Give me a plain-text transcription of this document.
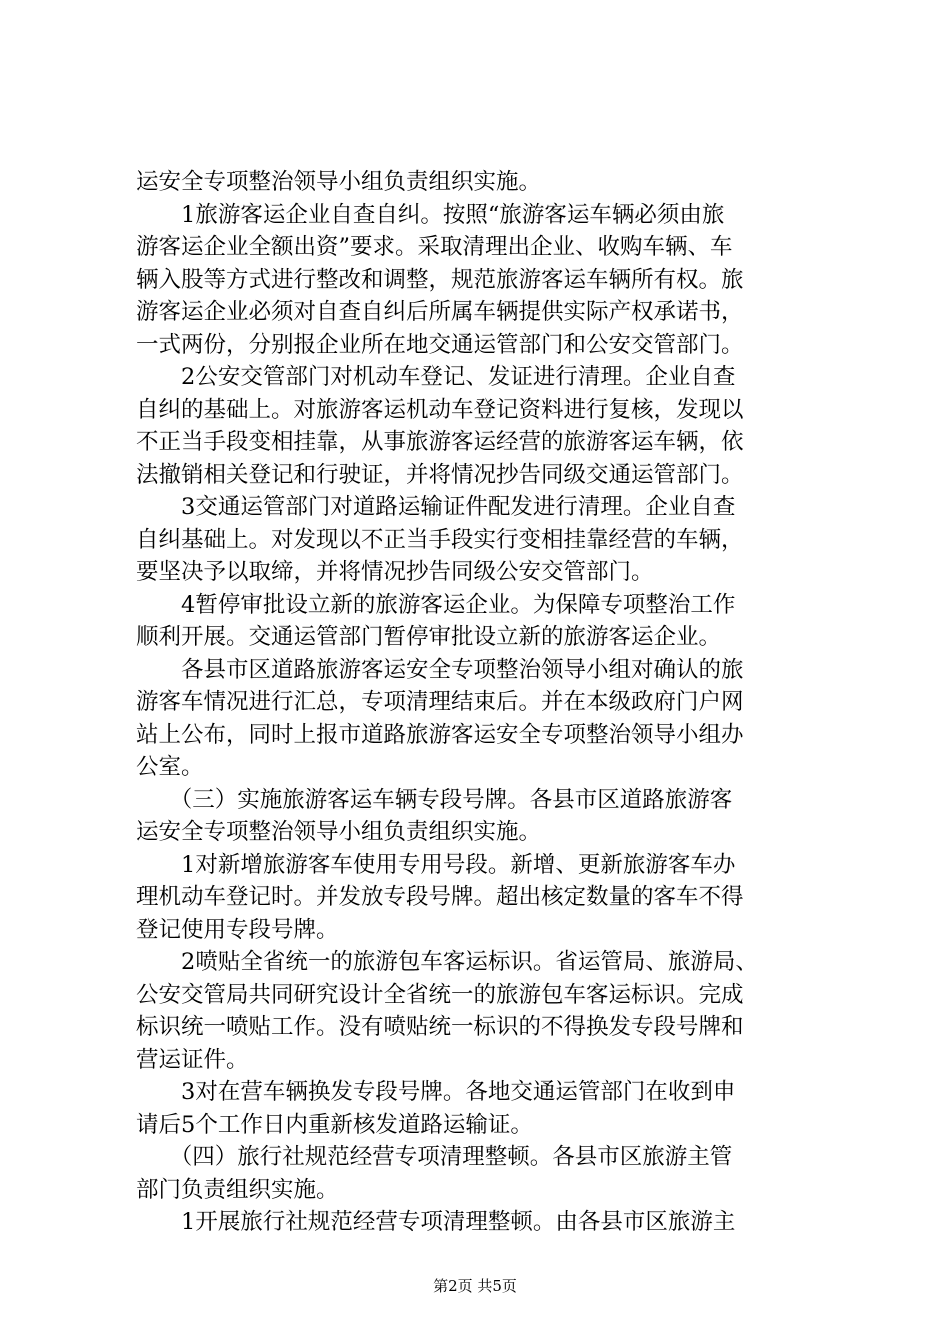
运安全专项整治领导小组负责组织实施。
　　1旅游客运企业自查自纠。按照“旅游客运车辆必须由旅
游客运企业全额出资”要求。采取清理出企业、收购车辆、车
辆入股等方式进行整改和调整，规范旅游客运车辆所有权。旅
游客运企业必须对自查自纠后所属车辆提供实际产权承诺书，
一式两份，分别报企业所在地交通运管部门和公安交管部门。
　　2公安交管部门对机动车登记、发证进行清理。企业自查
自纠的基础上。对旅游客运机动车登记资料进行复核，发现以
不正当手段变相挂靠，从事旅游客运经营的旅游客运车辆，依
法撤销相关登记和行驶证，并将情况抄告同级交通运管部门。
　　3交通运管部门对道路运输证件配发进行清理。企业自查
自纠基础上。对发现以不正当手段实行变相挂靠经营的车辆，
要坚决予以取缔，并将情况抄告同级公安交管部门。
　　4暂停审批设立新的旅游客运企业。为保障专项整治工作
顺利开展。交通运管部门暂停审批设立新的旅游客运企业。
　　各县市区道路旅游客运安全专项整治领导小组对确认的旅
游客车情况进行汇总，专项清理结束后。并在本级政府门户网
站上公布，同时上报市道路旅游客运安全专项整治领导小组办
公室。
　　（三）实施旅游客运车辆专段号牌。各县市区道路旅游客
运安全专项整治领导小组负责组织实施。
　　1对新增旅游客车使用专用号段。新增、更新旅游客车办
理机动车登记时。并发放专段号牌。超出核定数量的客车不得
登记使用专段号牌。
　　2喷贴全省统一的旅游包车客运标识。省运管局、旅游局、
公安交管局共同研究设计全省统一的旅游包车客运标识。完成
标识统一喷贴工作。没有喷贴统一标识的不得换发专段号牌和
营运证件。
　　3对在营车辆换发专段号牌。各地交通运管部门在收到申
请后5个工作日内重新核发道路运输证。
　　（四）旅行社规范经营专项清理整顿。各县市区旅游主管
部门负责组织实施。
　　1开展旅行社规范经营专项清理整顿。由各县市区旅游主
第2页 共5页
